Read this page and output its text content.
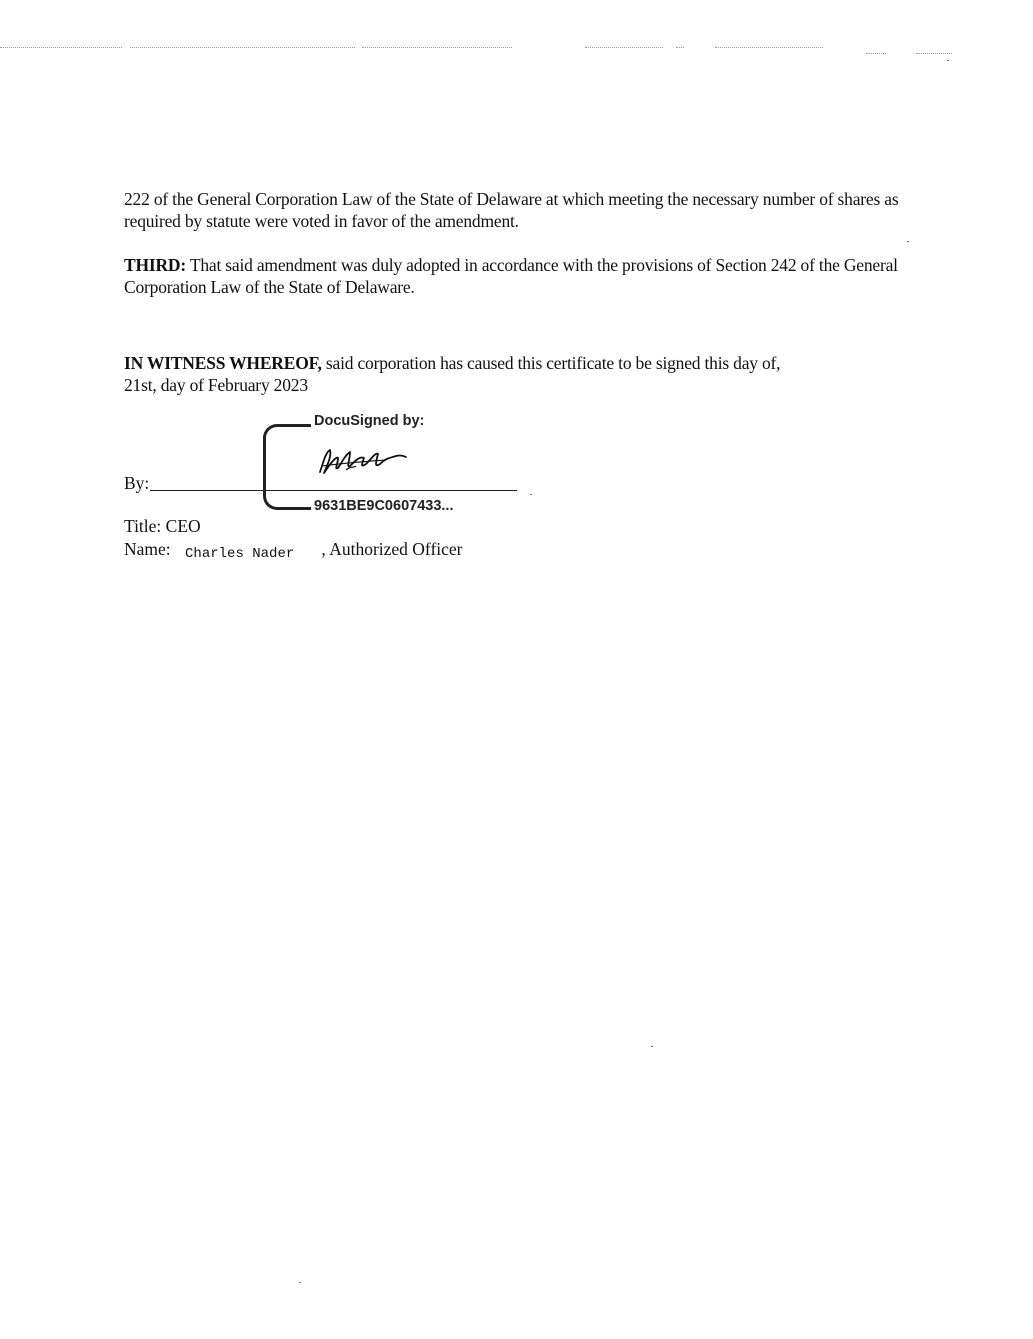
222 of the General Corporation Law of the State of Delaware at which meeting the necessary number of shares as required by statute were voted in favor of the amendment.

THIRD: That said amendment was duly adopted in accordance with the provisions of Section 242 of the General Corporation Law of the State of Delaware.

IN WITNESS WHEREOF, said corporation has caused this certificate to be signed this day of,

21st, day of February 2023

DocuSigned by:
By:
9631BE9C0607433...
Title: CEO
Name: Charles Nader , Authorized Officer
